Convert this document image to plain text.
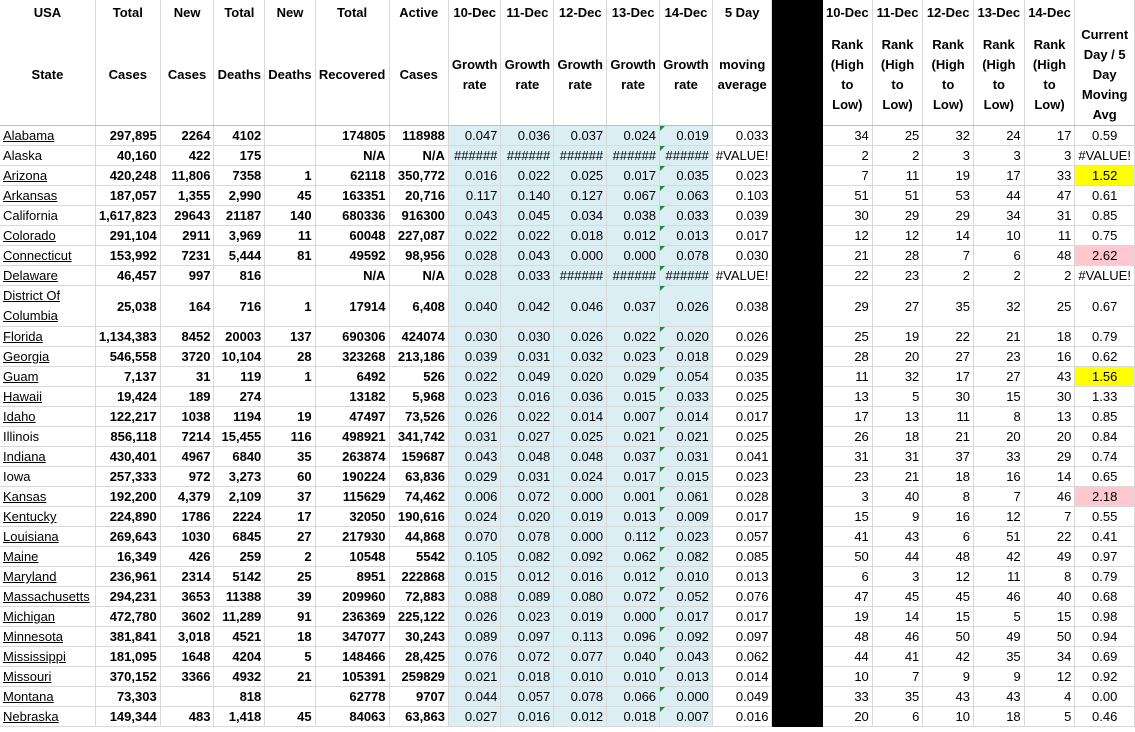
USA	Total	New	Total	New	Total	Active	10-Dec	11-Dec	12-Dec	13-Dec	14-Dec	5 Day		10-Dec	11-Dec	12-Dec	13-Dec	14-Dec	
State	Cases	Cases	Deaths	Deaths	Recovered	Cases	Growth rate	Growth rate	Growth rate	Growth rate	Growth rate	moving average		Rank (High to Low)	Rank (High to Low)	Rank (High to Low)	Rank (High to Low)	Rank (High to Low)	Current Day / 5 Day Moving Avg
Alabama	297,895	2264	4102		174805	118988	0.047	0.036	0.037	0.024	0.019	0.033		34	25	32	24	17	0.59
Alaska	40,160	422	175		N/A	N/A	######	######	######	######	######	#VALUE!		2	2	3	3	3	#VALUE!
Arizona	420,248	11,806	7358	1	62118	350,772	0.016	0.022	0.025	0.017	0.035	0.023		7	11	19	17	33	1.52
Arkansas	187,057	1,355	2,990	45	163351	20,716	0.117	0.140	0.127	0.067	0.063	0.103		51	51	53	44	47	0.61
California	1,617,823	29643	21187	140	680336	916300	0.043	0.045	0.034	0.038	0.033	0.039		30	29	29	34	31	0.85
Colorado	291,104	2911	3,969	11	60048	227,087	0.022	0.022	0.018	0.012	0.013	0.017		12	12	14	10	11	0.75
Connecticut	153,992	7231	5,444	81	49592	98,956	0.028	0.043	0.000	0.000	0.078	0.030		21	28	7	6	48	2.62
Delaware	46,457	997	816		N/A	N/A	0.028	0.033	######	######	######	#VALUE!		22	23	2	2	2	#VALUE!
District Of Columbia	25,038	164	716	1	17914	6,408	0.040	0.042	0.046	0.037	0.026	0.038		29	27	35	32	25	0.67
Florida	1,134,383	8452	20003	137	690306	424074	0.030	0.030	0.026	0.022	0.020	0.026		25	19	22	21	18	0.79
Georgia	546,558	3720	10,104	28	323268	213,186	0.039	0.031	0.032	0.023	0.018	0.029		28	20	27	23	16	0.62
Guam	7,137	31	119	1	6492	526	0.022	0.049	0.020	0.029	0.054	0.035		11	32	17	27	43	1.56
Hawaii	19,424	189	274		13182	5,968	0.023	0.016	0.036	0.015	0.033	0.025		13	5	30	15	30	1.33
Idaho	122,217	1038	1194	19	47497	73,526	0.026	0.022	0.014	0.007	0.014	0.017		17	13	11	8	13	0.85
Illinois	856,118	7214	15,455	116	498921	341,742	0.031	0.027	0.025	0.021	0.021	0.025		26	18	21	20	20	0.84
Indiana	430,401	4967	6840	35	263874	159687	0.043	0.048	0.048	0.037	0.031	0.041		31	31	37	33	29	0.74
Iowa	257,333	972	3,273	60	190224	63,836	0.029	0.031	0.024	0.017	0.015	0.023		23	21	18	16	14	0.65
Kansas	192,200	4,379	2,109	37	115629	74,462	0.006	0.072	0.000	0.001	0.061	0.028		3	40	8	7	46	2.18
Kentucky	224,890	1786	2224	17	32050	190,616	0.024	0.020	0.019	0.013	0.009	0.017		15	9	16	12	7	0.55
Louisiana	269,643	1030	6845	27	217930	44,868	0.070	0.078	0.000	0.112	0.023	0.057		41	43	6	51	22	0.41
Maine	16,349	426	259	2	10548	5542	0.105	0.082	0.092	0.062	0.082	0.085		50	44	48	42	49	0.97
Maryland	236,961	2314	5142	25	8951	222868	0.015	0.012	0.016	0.012	0.010	0.013		6	3	12	11	8	0.79
Massachusetts	294,231	3653	11388	39	209960	72,883	0.088	0.089	0.080	0.072	0.052	0.076		47	45	45	46	40	0.68
Michigan	472,780	3602	11,289	91	236369	225,122	0.026	0.023	0.019	0.000	0.017	0.017		19	14	15	5	15	0.98
Minnesota	381,841	3,018	4521	18	347077	30,243	0.089	0.097	0.113	0.096	0.092	0.097		48	46	50	49	50	0.94
Mississippi	181,095	1648	4204	5	148466	28,425	0.076	0.072	0.077	0.040	0.043	0.062		44	41	42	35	34	0.69
Missouri	370,152	3366	4932	21	105391	259829	0.021	0.018	0.010	0.010	0.013	0.014		10	7	9	9	12	0.92
Montana	73,303		818		62778	9707	0.044	0.057	0.078	0.066	0.000	0.049		33	35	43	43	4	0.00
Nebraska	149,344	483	1,418	45	84063	63,863	0.027	0.016	0.012	0.018	0.007	0.016		20	6	10	18	5	0.46
